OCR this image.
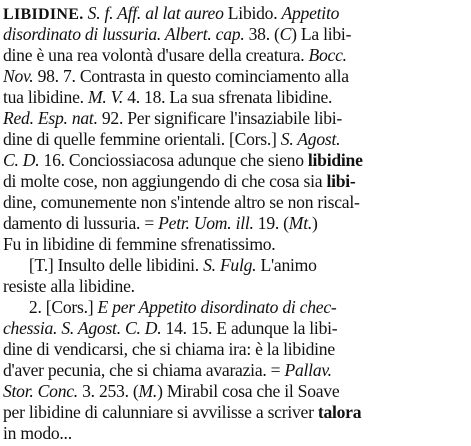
LIBIDINE. S. f. Aff. al lat aureo Libido. Appetito
disordinato di lussuria. Albert. cap. 38. (C) La libi-
dine è una rea volontà d'usare della creatura. Bocc.
Nov. 98. 7. Contrasta in questo cominciamento alla
tua libidine. M. V. 4. 18. La sua sfrenata libidine.
Red. Esp. nat. 92. Per significare l'insaziabile libi-
dine di quelle femmine orientali. [Cors.] S. Agost.
C. D. 16. Conciossiacosa adunque che sieno libidine
di molte cose, non aggiungendo di che cosa sia libi-
dine, comunemente non s'intende altro se non riscal-
damento di lussuria. = Petr. Uom. ill. 19. (Mt.)
Fu in libidine di femmine sfrenatissimo.
  [T.] Insulto delle libidini. S. Fulg. L'animo
resiste alla libidine.
  2. [Cors.] E per Appetito disordinato di chec-
chessia. S. Agost. C. D. 14. 15. E adunque la libi-
dine di vendicarsi, che si chiama ira: è la libidine
d'aver pecunia, che si chiama avarazia. = Pallav.
Stor. Conc. 3. 253. (M.) Mirabil cosa che il Soave
per libidine di calunniare si avvilisse a scriver talora
in modo...
